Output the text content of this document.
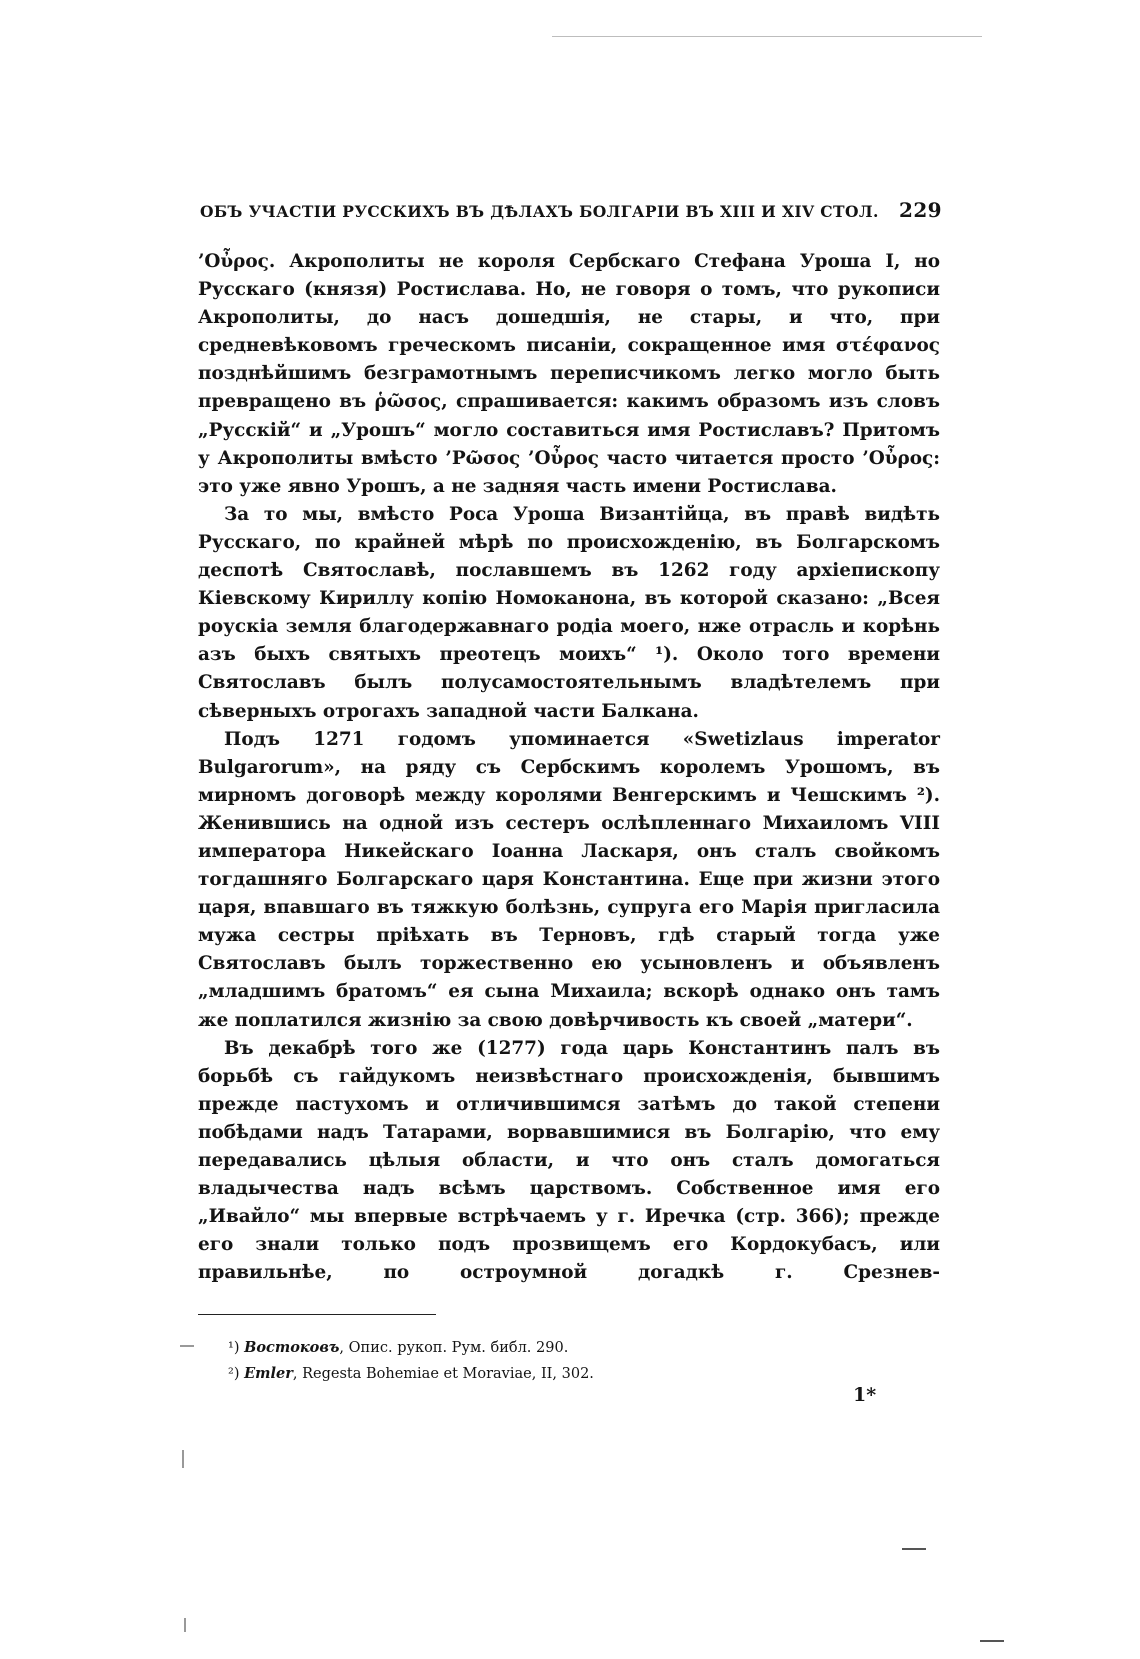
ОБЪ УЧАСТІИ РУССКИХЪ ВЪ ДѢЛАХЪ БОЛГАРІИ ВЪ XIII И XIV СТОЛ. 229

’Οὖρος. Акрополиты не короля Сербскаго Стефана Уроша I, но Русскаго (князя) Ростислава. Но, не говоря о томъ, что рукописи Акрополиты, до насъ дошедшія, не стары, и что, при средневѣковомъ греческомъ писаніи, сокращенное имя στέφανος позднѣйшимъ безграмотнымъ переписчикомъ легко могло быть превращено въ ῥῶσος, спрашивается: какимъ образомъ изъ словъ „Русскій“ и „Урошъ“ могло составиться имя Ростиславъ? Притомъ у Акрополиты вмѣсто ’Ρῶσος ’Οὖρος часто читается просто ’Οὖρος: это уже явно Урошъ, а не задняя часть имени Ростислава.

За то мы, вмѣсто Роса Уроша Византійца, въ правѣ видѣть Русскаго, по крайней мѣрѣ по происхожденію, въ Болгарскомъ деспотѣ Святославѣ, пославшемъ въ 1262 году архіепископу Кіевскому Кириллу копію Номоканона, въ которой сказано: „Всея роускіа земля благодержавнаго родіа моего, нже отрасль и корѣнь азъ быхъ святыхъ преотецъ моихъ“ ¹). Около того времени Святославъ былъ полусамостоятельнымъ владѣтелемъ при сѣверныхъ отрогахъ западной части Балкана.

Подъ 1271 годомъ упоминается «Swetizlaus imperator Bulgarorum», на ряду съ Сербскимъ королемъ Урошомъ, въ мирномъ договорѣ между королями Венгерскимъ и Чешскимъ ²). Женившись на одной изъ сестеръ ослѣпленнаго Михаиломъ VIII императора Никейскаго Іоанна Ласкаря, онъ сталъ свойкомъ тогдашняго Болгарскаго царя Константина. Еще при жизни этого царя, впавшаго въ тяжкую болѣзнь, супруга его Марія пригласила мужа сестры пріѣхать въ Терновъ, гдѣ старый тогда уже Святославъ былъ торжественно ею усыновленъ и объявленъ „младшимъ братомъ“ ея сына Михаила; вскорѣ однако онъ тамъ же поплатился жизнію за свою довѣрчивость къ своей „матери“.

Въ декабрѣ того же (1277) года царь Константинъ палъ въ борьбѣ съ гайдукомъ неизвѣстнаго происхожденія, бывшимъ прежде пастухомъ и отличившимся затѣмъ до такой степени побѣдами надъ Татарами, ворвавшимися въ Болгарію, что ему передавались цѣлыя области, и что онъ сталъ домогаться владычества надъ всѣмъ царствомъ. Собственное имя его „Ивайло“ мы впервые встрѣчаемъ у г. Иречка (стр. 366); прежде его знали только подъ прозвищемъ его Кордокубасъ, или правильнѣе, по остроумной догадкѣ г. Срезнев-

¹) Востоковъ, Опис. рукоп. Рум. библ. 290.

²) Emler, Regesta Bohemiae et Moraviae, II, 302.

1*
